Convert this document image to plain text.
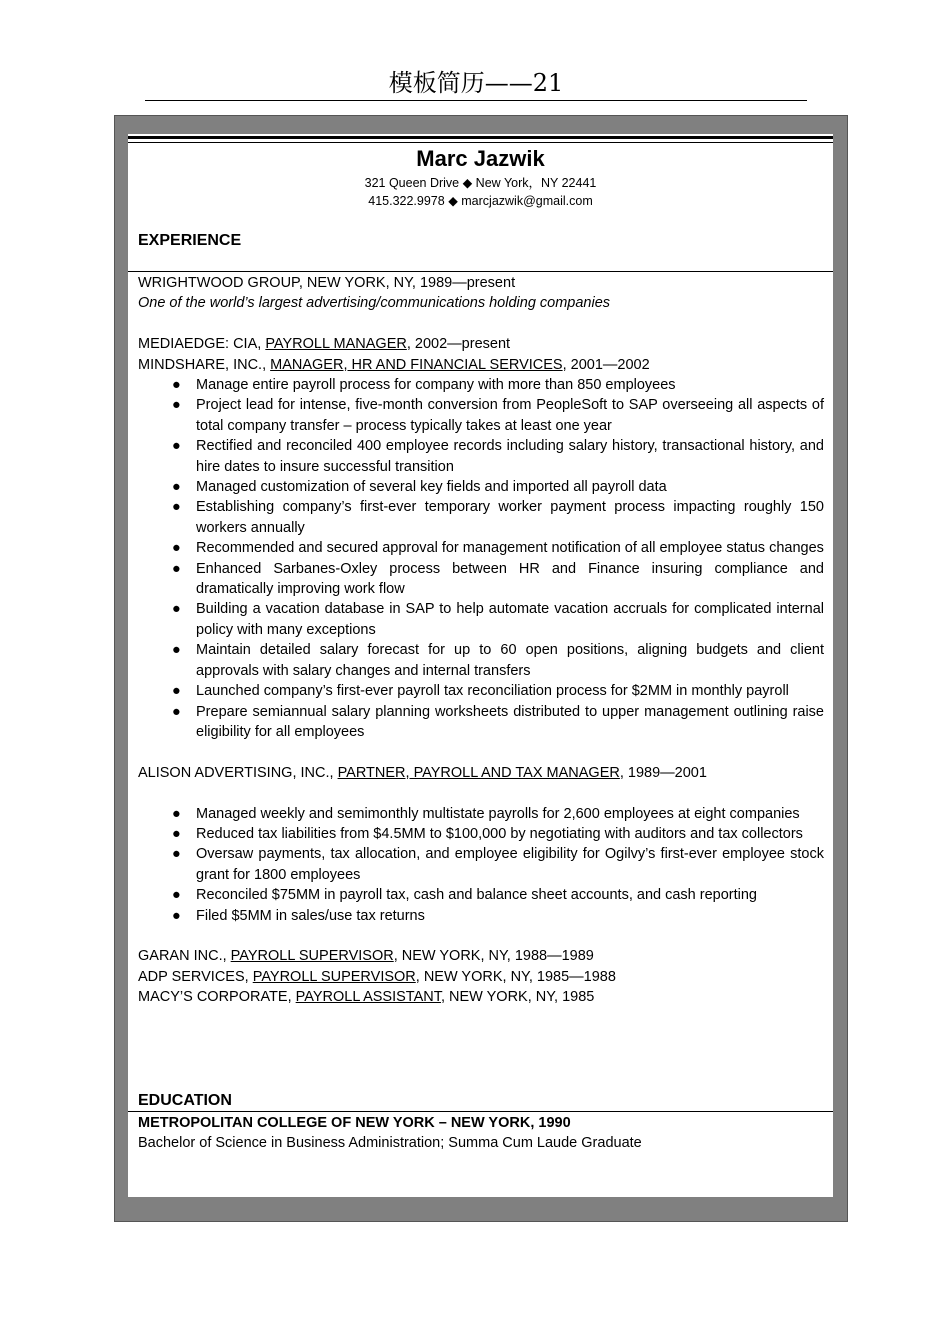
模板简历——21
Marc Jazwik
321 Queen Drive ◆ New York，NY 22441
415.322.9978 ◆ marcjazwik@gmail.com
EXPERIENCE
WRIGHTWOOD GROUP, NEW YORK, NY, 1989—present
One of the world’s largest advertising/communications holding companies
MEDIAEDGE: CIA, PAYROLL MANAGER, 2002—present
MINDSHARE, INC., MANAGER, HR AND FINANCIAL SERVICES, 2001—2002
● Manage entire payroll process for company with more than 850 employees
● Project lead for intense, five-month conversion from PeopleSoft to SAP overseeing all aspects of total company transfer – process typically takes at least one year
● Rectified and reconciled 400 employee records including salary history, transactional history, and hire dates to insure successful transition
● Managed customization of several key fields and imported all payroll data
● Establishing company’s first-ever temporary worker payment process impacting roughly 150 workers annually
● Recommended and secured approval for management notification of all employee status changes
● Enhanced Sarbanes-Oxley process between HR and Finance insuring compliance and dramatically improving work flow
● Building a vacation database in SAP to help automate vacation accruals for complicated internal policy with many exceptions
● Maintain detailed salary forecast for up to 60 open positions, aligning budgets and client approvals with salary changes and internal transfers
● Launched company’s first-ever payroll tax reconciliation process for $2MM in monthly payroll
● Prepare semiannual salary planning worksheets distributed to upper management outlining raise eligibility for all employees
ALISON ADVERTISING, INC., PARTNER, PAYROLL AND TAX MANAGER, 1989—2001
● Managed weekly and semimonthly multistate payrolls for 2,600 employees at eight companies
● Reduced tax liabilities from $4.5MM to $100,000 by negotiating with auditors and tax collectors
● Oversaw payments, tax allocation, and employee eligibility for Ogilvy’s first-ever employee stock grant for 1800 employees
● Reconciled $75MM in payroll tax, cash and balance sheet accounts, and cash reporting
● Filed $5MM in sales/use tax returns
GARAN INC., PAYROLL SUPERVISOR, NEW YORK, NY, 1988—1989
ADP SERVICES, PAYROLL SUPERVISOR, NEW YORK, NY, 1985—1988
MACY’S CORPORATE, PAYROLL ASSISTANT, NEW YORK, NY, 1985
EDUCATION
METROPOLITAN COLLEGE OF NEW YORK – NEW YORK, 1990
Bachelor of Science in Business Administration; Summa Cum Laude Graduate
